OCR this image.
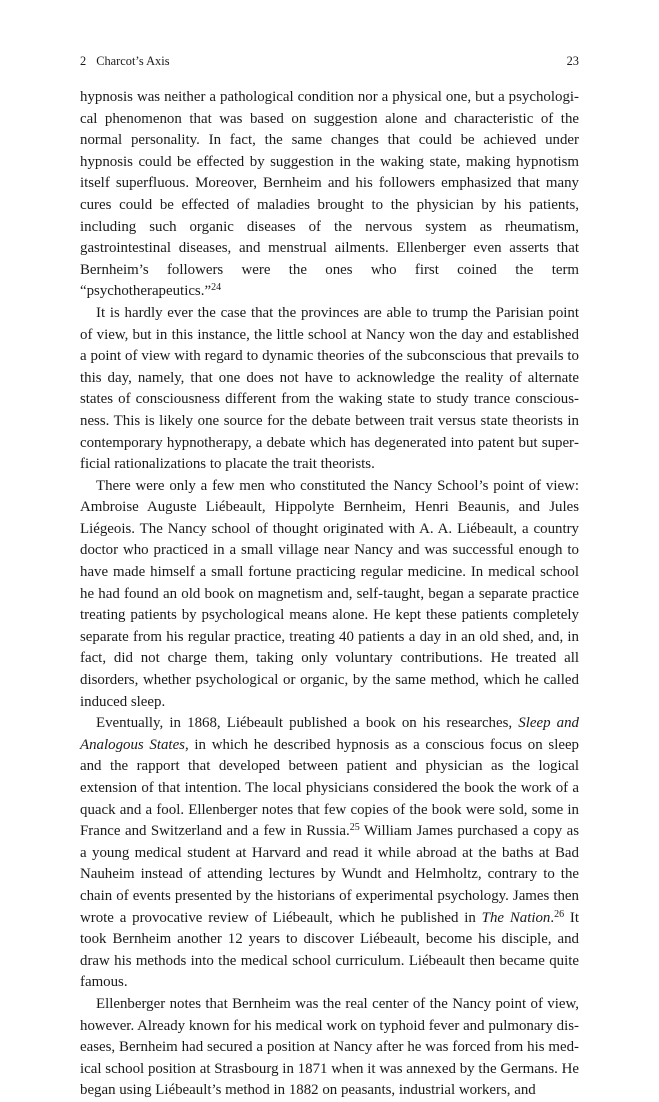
2 Charcot’s Axis	23

hypnosis was neither a pathological condition nor a physical one, but a psychological phenomenon that was based on suggestion alone and characteristic of the normal personality. In fact, the same changes that could be achieved under hypnosis could be effected by suggestion in the waking state, making hypnotism itself superfluous. Moreover, Bernheim and his followers emphasized that many cures could be effected of maladies brought to the physician by his patients, including such organic diseases of the nervous system as rheumatism, gastrointestinal diseases, and menstrual ailments. Ellenberger even asserts that Bernheim’s followers were the ones who first coined the term “psychotherapeutics.”$^{24}$

It is hardly ever the case that the provinces are able to trump the Parisian point of view, but in this instance, the little school at Nancy won the day and established a point of view with regard to dynamic theories of the subconscious that prevails to this day, namely, that one does not have to acknowledge the reality of alternate states of consciousness different from the waking state to study trance consciousness. This is likely one source for the debate between trait versus state theorists in contemporary hypnotherapy, a debate which has degenerated into patent but superficial rationalizations to placate the trait theorists.

There were only a few men who constituted the Nancy School’s point of view: Ambroise Auguste Liébeault, Hippolyte Bernheim, Henri Beaunis, and Jules Liégeois. The Nancy school of thought originated with A. A. Liébeault, a country doctor who practiced in a small village near Nancy and was successful enough to have made himself a small fortune practicing regular medicine. In medical school he had found an old book on magnetism and, self-taught, began a separate practice treating patients by psychological means alone. He kept these patients completely separate from his regular practice, treating 40 patients a day in an old shed, and, in fact, did not charge them, taking only voluntary contributions. He treated all disorders, whether psychological or organic, by the same method, which he called induced sleep.

Eventually, in 1868, Liébeault published a book on his researches, Sleep and Analogous States, in which he described hypnosis as a conscious focus on sleep and the rapport that developed between patient and physician as the logical extension of that intention. The local physicians considered the book the work of a quack and a fool. Ellenberger notes that few copies of the book were sold, some in France and Switzerland and a few in Russia.$^{25}$ William James purchased a copy as a young medical student at Harvard and read it while abroad at the baths at Bad Nauheim instead of attending lectures by Wundt and Helmholtz, contrary to the chain of events presented by the historians of experimental psychology. James then wrote a provocative review of Liébeault, which he published in The Nation.$^{26}$ It took Bernheim another 12 years to discover Liébeault, become his disciple, and draw his methods into the medical school curriculum. Liébeault then became quite famous.

Ellenberger notes that Bernheim was the real center of the Nancy point of view, however. Already known for his medical work on typhoid fever and pulmonary diseases, Bernheim had secured a position at Nancy after he was forced from his medical school position at Strasbourg in 1871 when it was annexed by the Germans. He began using Liébeault’s method in 1882 on peasants, industrial workers, and
